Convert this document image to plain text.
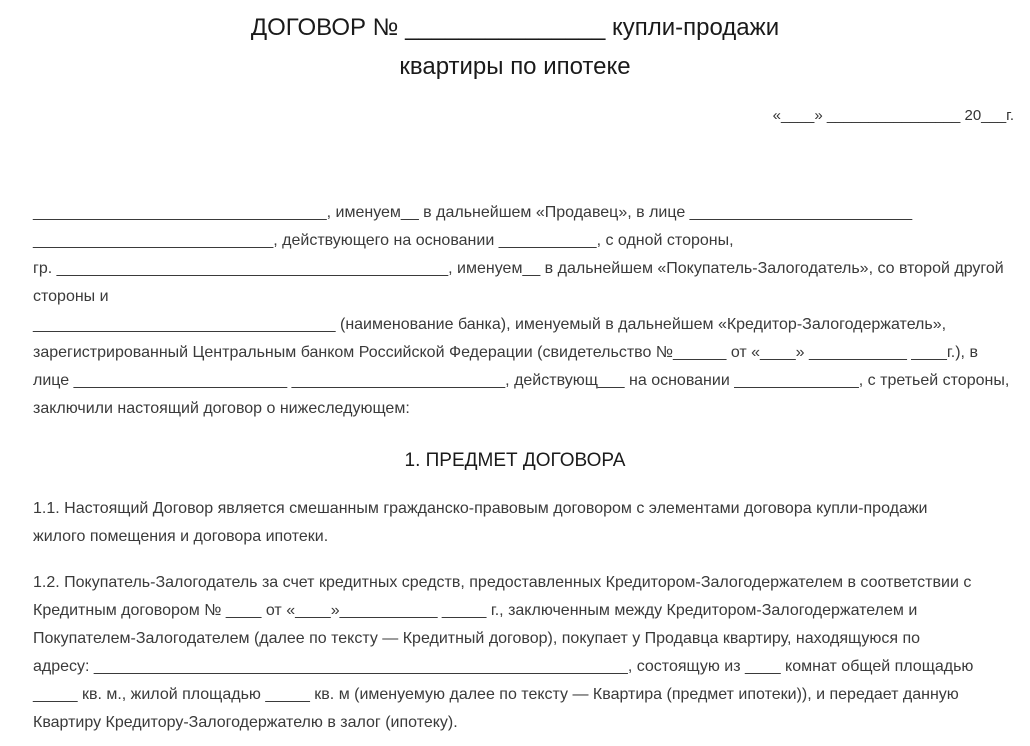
ДОГОВОР № _______________ купли-продажи
квартиры по ипотеке
«____» ________________ 20___г.
_________________________________, именуем__ в дальнейшем «Продавец», в лице _________________________
___________________________, действующего на основании ___________, с одной стороны,
гр. ____________________________________________, именуем__ в дальнейшем «Покупатель-Залогодатель», со второй другой
стороны и
__________________________________ (наименование банка), именуемый в дальнейшем «Кредитор-Залогодержатель»,
зарегистрированный Центральным банком Российской Федерации (свидетельство №______ от «____» ___________ ____г.), в
лице ________________________ ________________________, действующ___ на основании ______________, с третьей стороны,
заключили настоящий договор о нижеследующем:
1. ПРЕДМЕТ ДОГОВОРА
1.1. Настоящий Договор является смешанным гражданско-правовым договором с элементами договора купли-продажи
жилого помещения и договора ипотеки.
1.2. Покупатель-Залогодатель за счет кредитных средств, предоставленных Кредитором-Залогодержателем в соответствии с
Кредитным договором № ____ от «____»___________ _____ г., заключенным между Кредитором-Залогодержателем и
Покупателем-Залогодателем (далее по тексту — Кредитный договор), покупает у Продавца квартиру, находящуюся по
адресу: ____________________________________________________________, состоящую из ____ комнат общей площадью
_____ кв. м., жилой площадью _____ кв. м (именуемую далее по тексту — Квартира (предмет ипотеки)), и передает данную
Квартиру Кредитору-Залогодержателю в залог (ипотеку).
